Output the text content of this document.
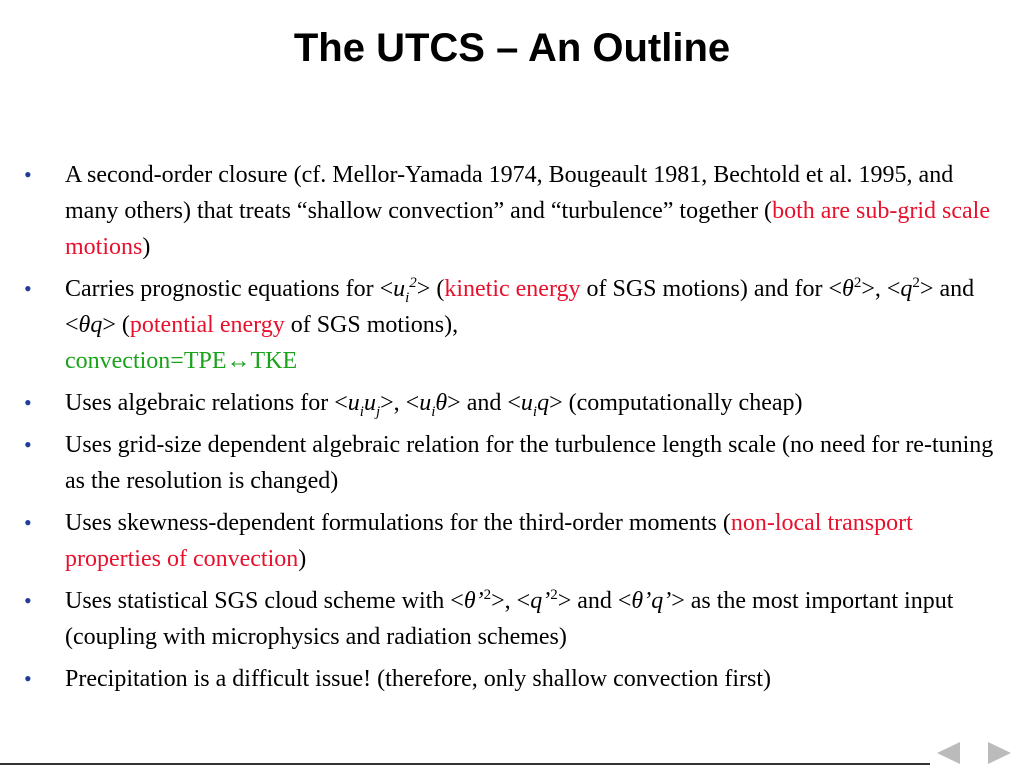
The UTCS – An Outline
• A second-order closure (cf. Mellor-Yamada 1974, Bougeault 1981, Bechtold et al. 1995, and many others) that treats “shallow convection” and “turbulence” together (both are sub-grid scale motions)
• Carries prognostic equations for $<u_i^2>$ (kinetic energy of SGS motions) and for $<\theta^2>$, $<q^2>$ and <θq> (potential energy of SGS motions),
convection=TPE↔TKE
• Uses algebraic relations for $<u_iu_j>$, $<u_i\theta>$ and $<u_iq>$ (computationally cheap)
• Uses grid-size dependent algebraic relation for the turbulence length scale (no need for re-tuning as the resolution is changed)
• Uses skewness-dependent formulations for the third-order moments (non-local transport properties of convection)
• Uses statistical SGS cloud scheme with <θ’$^2$>, <q’$^2$> and <θ’q’> as the most important input (coupling with microphysics and radiation schemes)
• Precipitation is a difficult issue! (therefore, only shallow convection first)
